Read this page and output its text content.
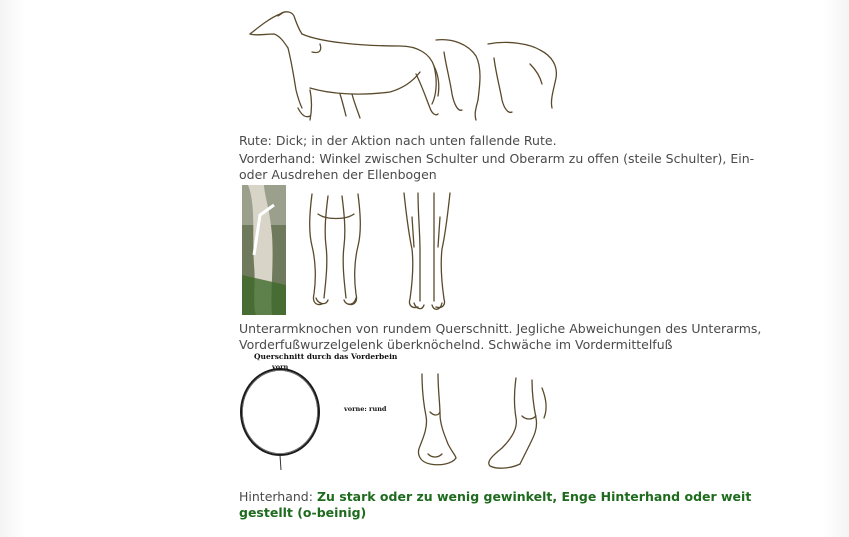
Rute: Dick; in der Aktion nach unten fallende Rute.
Vorderhand: Winkel zwischen Schulter und Oberarm zu offen (steile Schulter), Ein-
oder Ausdrehen der Ellenbogen
Unterarmknochen von rundem Querschnitt. Jegliche Abweichungen des Unterarms,
Vorderfußwurzelgelenk überknöchelnd. Schwäche im Vordermittelfuß
Querschnitt durch das Vorderbein
vorn
vorne: rund
Hinterhand: Zu stark oder zu wenig gewinkelt, Enge Hinterhand oder weit
gestellt (o-beinig)
